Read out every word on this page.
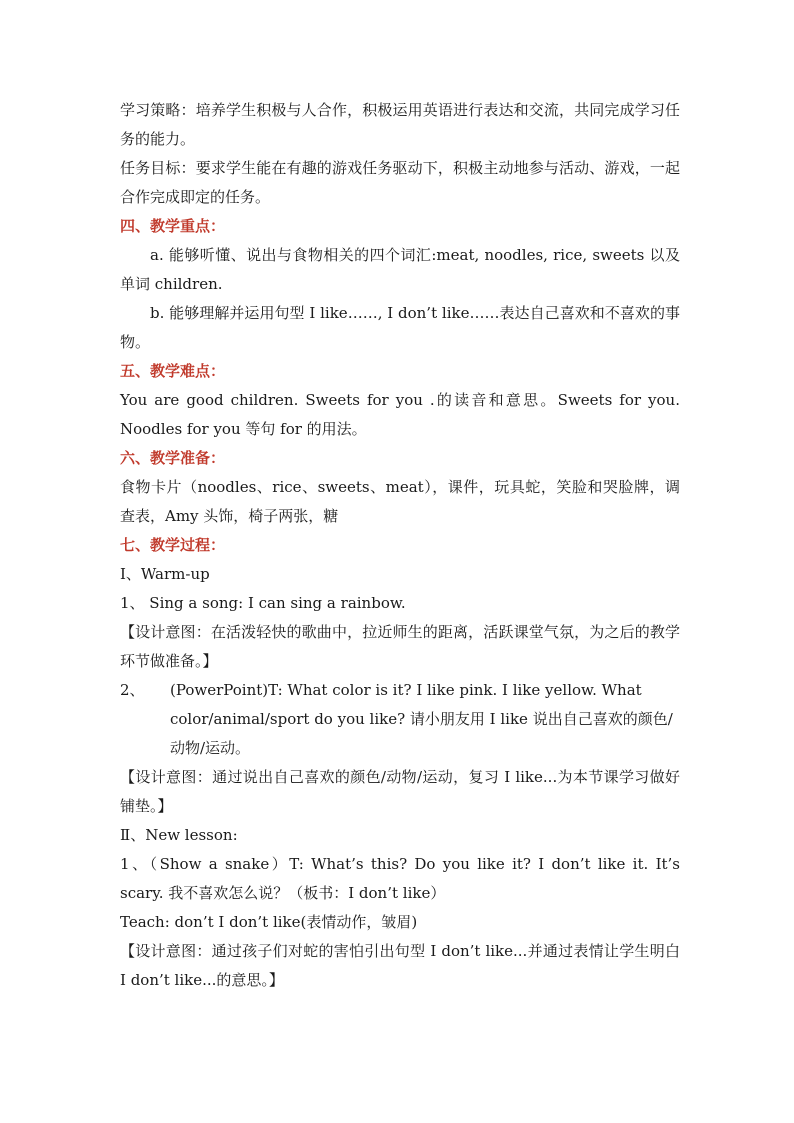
学习策略：培养学生积极与人合作，积极运用英语进行表达和交流，共同完成学习任务的能力。

任务目标：要求学生能在有趣的游戏任务驱动下，积极主动地参与活动、游戏，一起合作完成即定的任务。

四、教学重点：

a. 能够听懂、说出与食物相关的四个词汇:meat, noodles, rice, sweets 以及单词 children.

b. 能够理解并运用句型 I like……, I don’t like……表达自己喜欢和不喜欢的事物。

五、教学难点：

You are good children. Sweets for you .的读音和意思。Sweets for you. Noodles for you 等句 for 的用法。

六、教学准备：

食物卡片（noodles、rice、sweets、meat），课件，玩具蛇，笑脸和哭脸牌，调查表，Amy 头饰，椅子两张，糖

七、教学过程：

Ⅰ、Warm-up

1、 Sing a song: I can sing a rainbow.

【设计意图：在活泼轻快的歌曲中，拉近师生的距离，活跃课堂气氛，为之后的教学环节做准备。】

2、	(PowerPoint)T: What color is it? I like pink. I like yellow. What color/animal/sport do you like? 请小朋友用 I like 说出自己喜欢的颜色/动物/运动。

【设计意图：通过说出自己喜欢的颜色/动物/运动，复习 I like...为本节课学习做好铺垫。】

Ⅱ、New lesson:

1、（Show a snake）T: What’s this? Do you like it? I don’t like it. It’s scary. 我不喜欢怎么说？（板书：I don’t like）

Teach: don’t I don’t like(表情动作，皱眉)

【设计意图：通过孩子们对蛇的害怕引出句型 I don’t like...并通过表情让学生明白 I don’t like...的意思。】
